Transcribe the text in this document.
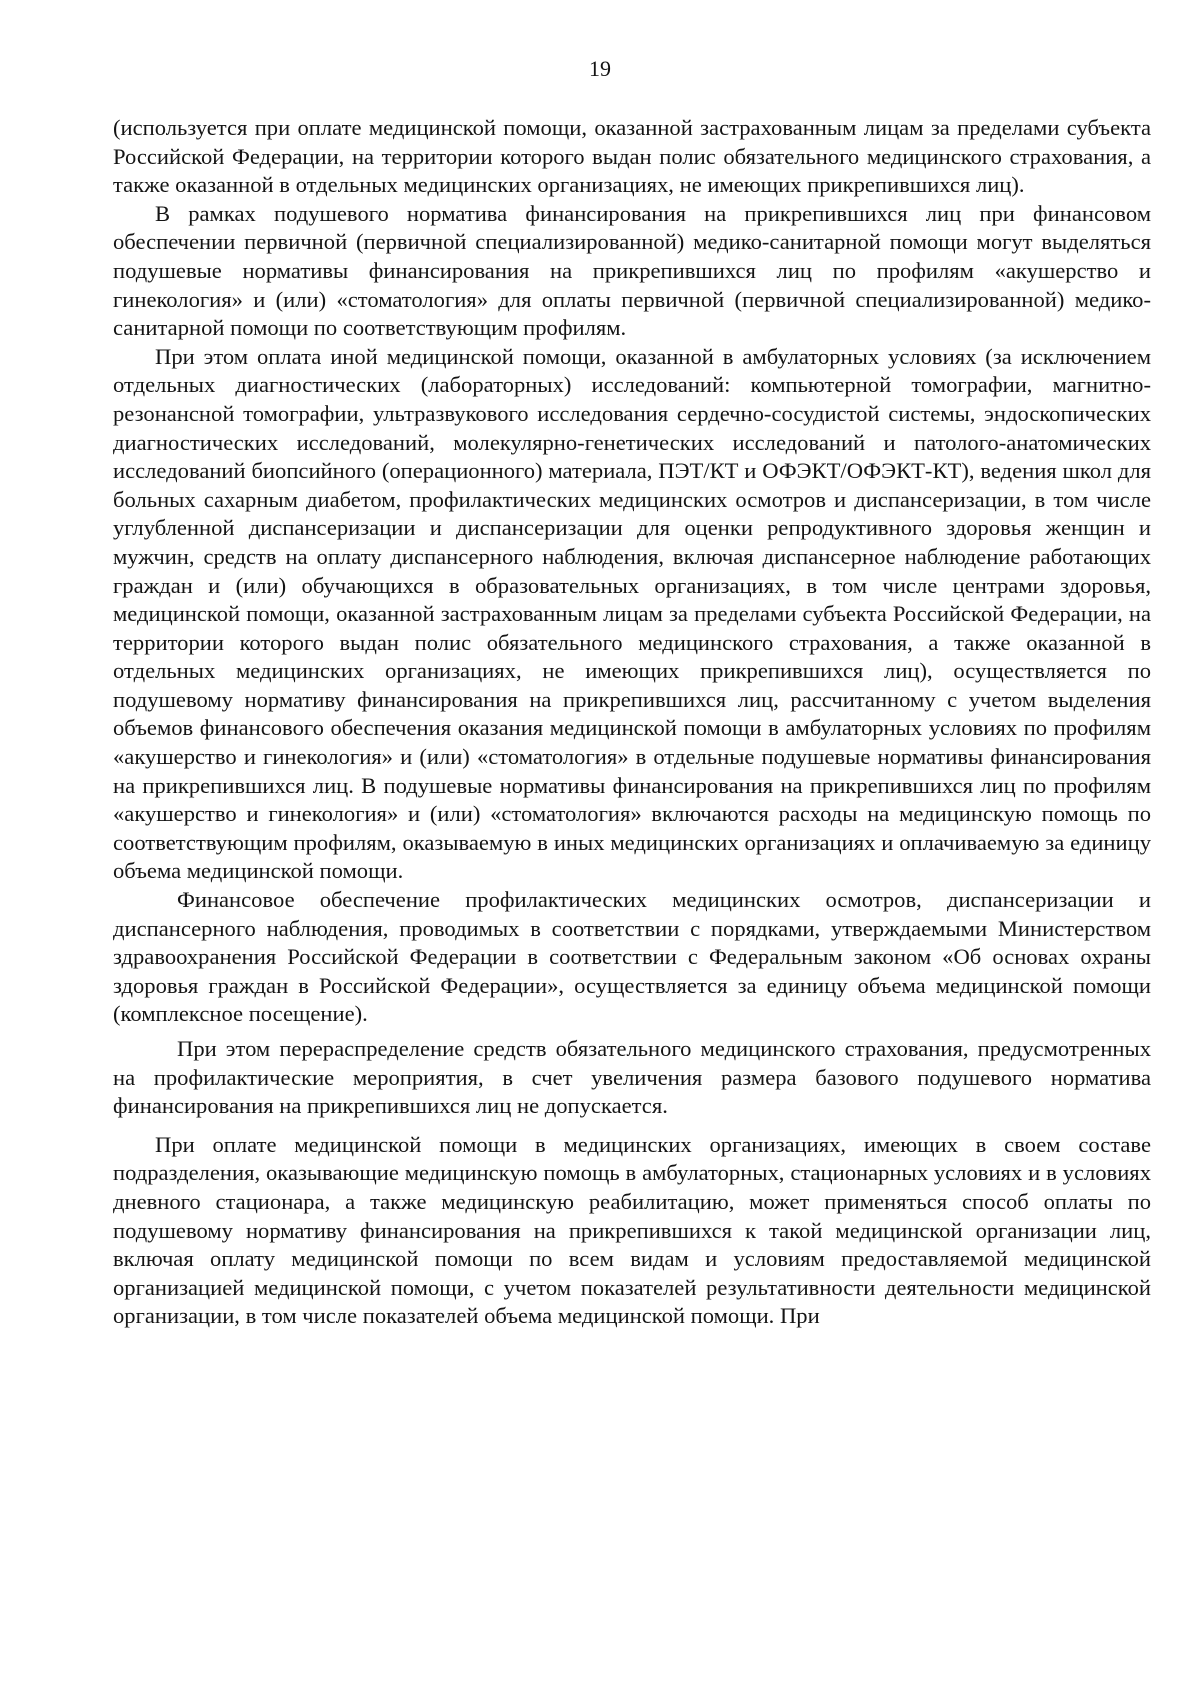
19

(используется при оплате медицинской помощи, оказанной застрахованным лицам за пределами субъекта Российской Федерации, на территории которого выдан полис обязательного медицинского страхования, а также оказанной в отдельных медицинских организациях, не имеющих прикрепившихся лиц).

В рамках подушевого норматива финансирования на прикрепившихся лиц при финансовом обеспечении первичной (первичной специализированной) медико-санитарной помощи могут выделяться подушевые нормативы финансирования на прикрепившихся лиц по профилям «акушерство и гинекология» и (или) «стоматология» для оплаты первичной (первичной специализированной) медико-санитарной помощи по соответствующим профилям.

При этом оплата иной медицинской помощи, оказанной в амбулаторных условиях (за исключением отдельных диагностических (лабораторных) исследований: компьютерной томографии, магнитно-резонансной томографии, ультразвукового исследования сердечно-сосудистой системы, эндоскопических диагностических исследований, молекулярно-генетических исследований и патолого-анатомических исследований биопсийного (операционного) материала, ПЭТ/КТ и ОФЭКТ/ОФЭКТ-КТ), ведения школ для больных сахарным диабетом, профилактических медицинских осмотров и диспансеризации, в том числе углубленной диспансеризации и диспансеризации для оценки репродуктивного здоровья женщин и мужчин, средств на оплату диспансерного наблюдения, включая диспансерное наблюдение работающих граждан и (или) обучающихся в образовательных организациях, в том числе центрами здоровья, медицинской помощи, оказанной застрахованным лицам за пределами субъекта Российской Федерации, на территории которого выдан полис обязательного медицинского страхования, а также оказанной в отдельных медицинских организациях, не имеющих прикрепившихся лиц), осуществляется по подушевому нормативу финансирования на прикрепившихся лиц, рассчитанному с учетом выделения объемов финансового обеспечения оказания медицинской помощи в амбулаторных условиях по профилям «акушерство и гинекология» и (или) «стоматология» в отдельные подушевые нормативы финансирования на прикрепившихся лиц. В подушевые нормативы финансирования на прикрепившихся лиц по профилям «акушерство и гинекология» и (или) «стоматология» включаются расходы на медицинскую помощь по соответствующим профилям, оказываемую в иных медицинских организациях и оплачиваемую за единицу объема медицинской помощи.

Финансовое обеспечение профилактических медицинских осмотров, диспансеризации и диспансерного наблюдения, проводимых в соответствии с порядками, утверждаемыми Министерством здравоохранения Российской Федерации в соответствии с Федеральным законом «Об основах охраны здоровья граждан в Российской Федерации», осуществляется за единицу объема медицинской помощи (комплексное посещение).

При этом перераспределение средств обязательного медицинского страхования, предусмотренных на профилактические мероприятия, в счет увеличения размера базового подушевого норматива финансирования на прикрепившихся лиц не допускается.

При оплате медицинской помощи в медицинских организациях, имеющих в своем составе подразделения, оказывающие медицинскую помощь в амбулаторных, стационарных условиях и в условиях дневного стационара, а также медицинскую реабилитацию, может применяться способ оплаты по подушевому нормативу финансирования на прикрепившихся к такой медицинской организации лиц, включая оплату медицинской помощи по всем видам и условиям предоставляемой медицинской организацией медицинской помощи, с учетом показателей результативности деятельности медицинской организации, в том числе показателей объема медицинской помощи. При
